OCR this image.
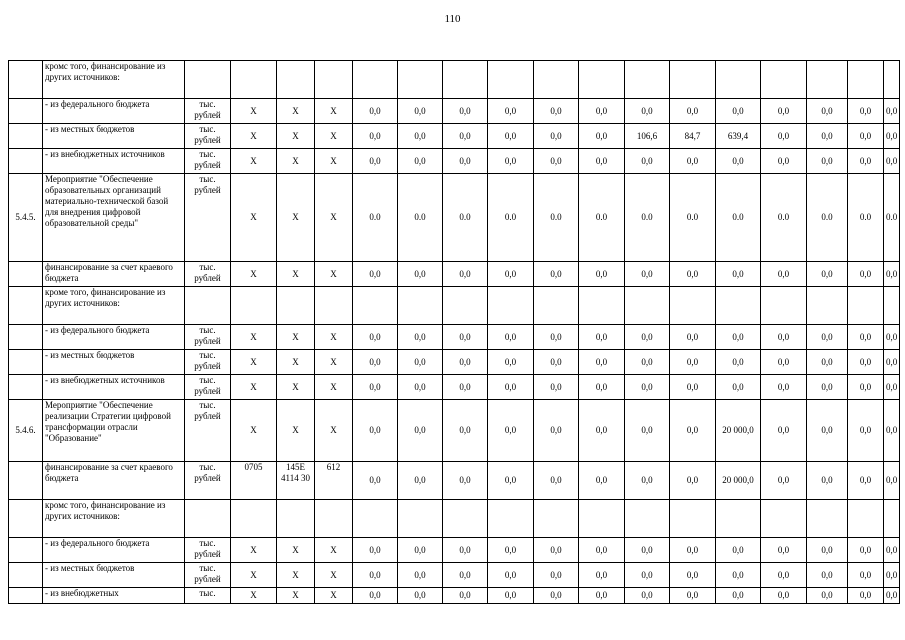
110
	кромс того, финансирование из других источников:																	
	- из федерального бюджета	тыс. рублей	X	X	X	0,0	0,0	0,0	0,0	0,0	0,0	0,0	0,0	0,0	0,0	0,0	0,0	0,0
	- из местных бюджетов	тыс. рублей	X	X	X	0,0	0,0	0,0	0,0	0,0	0,0	106,6	84,7	639,4	0,0	0,0	0,0	0,0
	- из внебюджетных источников	тыс. рублей	X	X	X	0,0	0,0	0,0	0,0	0,0	0,0	0,0	0,0	0,0	0,0	0,0	0,0	0,0
5.4.5.	Мероприятие "Обеспечение образовательных организаций материально-технической базой для внедрения цифровой образовательной среды"	тыс. рублей	X	X	X	0.0	0.0	0.0	0.0	0.0	0.0	0.0	0.0	0.0	0.0	0.0	0.0	0.0
	финансирование за счет краевого бюджета	тыс. рублей	X	X	X	0,0	0,0	0,0	0,0	0,0	0,0	0,0	0,0	0,0	0,0	0,0	0,0	0,0
	кроме того, финансирование из других источников:																	
	- из федерального бюджета	тыс. рублей	X	X	X	0,0	0,0	0,0	0,0	0,0	0,0	0,0	0,0	0,0	0,0	0,0	0,0	0,0
	- из местных бюджетов	тыс. рублей	X	X	X	0,0	0,0	0,0	0,0	0,0	0,0	0,0	0,0	0,0	0,0	0,0	0,0	0,0
	- из внебюджетных источников	тыс. рублей	X	X	X	0,0	0,0	0,0	0,0	0,0	0,0	0,0	0,0	0,0	0,0	0,0	0,0	0,0
5.4.6.	Мероприятие "Обеспечение реализации Стратегии цифровой трансформации отрасли "Образование"	тыс. рублей	X	X	X	0,0	0,0	0,0	0,0	0,0	0,0	0,0	0,0	20 000,0	0,0	0,0	0,0	0,0
	финансирование за счет краевого бюджета	тыс. рублей	0705	145E 4114 30	612	0,0	0,0	0,0	0,0	0,0	0,0	0,0	0,0	20 000,0	0,0	0,0	0,0	0,0
	кромс того, финансирование из других источников:																	
	- из федерального бюджета	тыс. рублей	X	X	X	0,0	0,0	0,0	0,0	0,0	0,0	0,0	0,0	0,0	0,0	0,0	0,0	0,0
	- из местных бюджетов	тыс. рублей	X	X	X	0,0	0,0	0,0	0,0	0,0	0,0	0,0	0,0	0,0	0,0	0,0	0,0	0,0
	- из внебюджетных	тыс.	X	X	X	0,0	0,0	0,0	0,0	0,0	0,0	0,0	0,0	0,0	0,0	0,0	0,0	0,0
